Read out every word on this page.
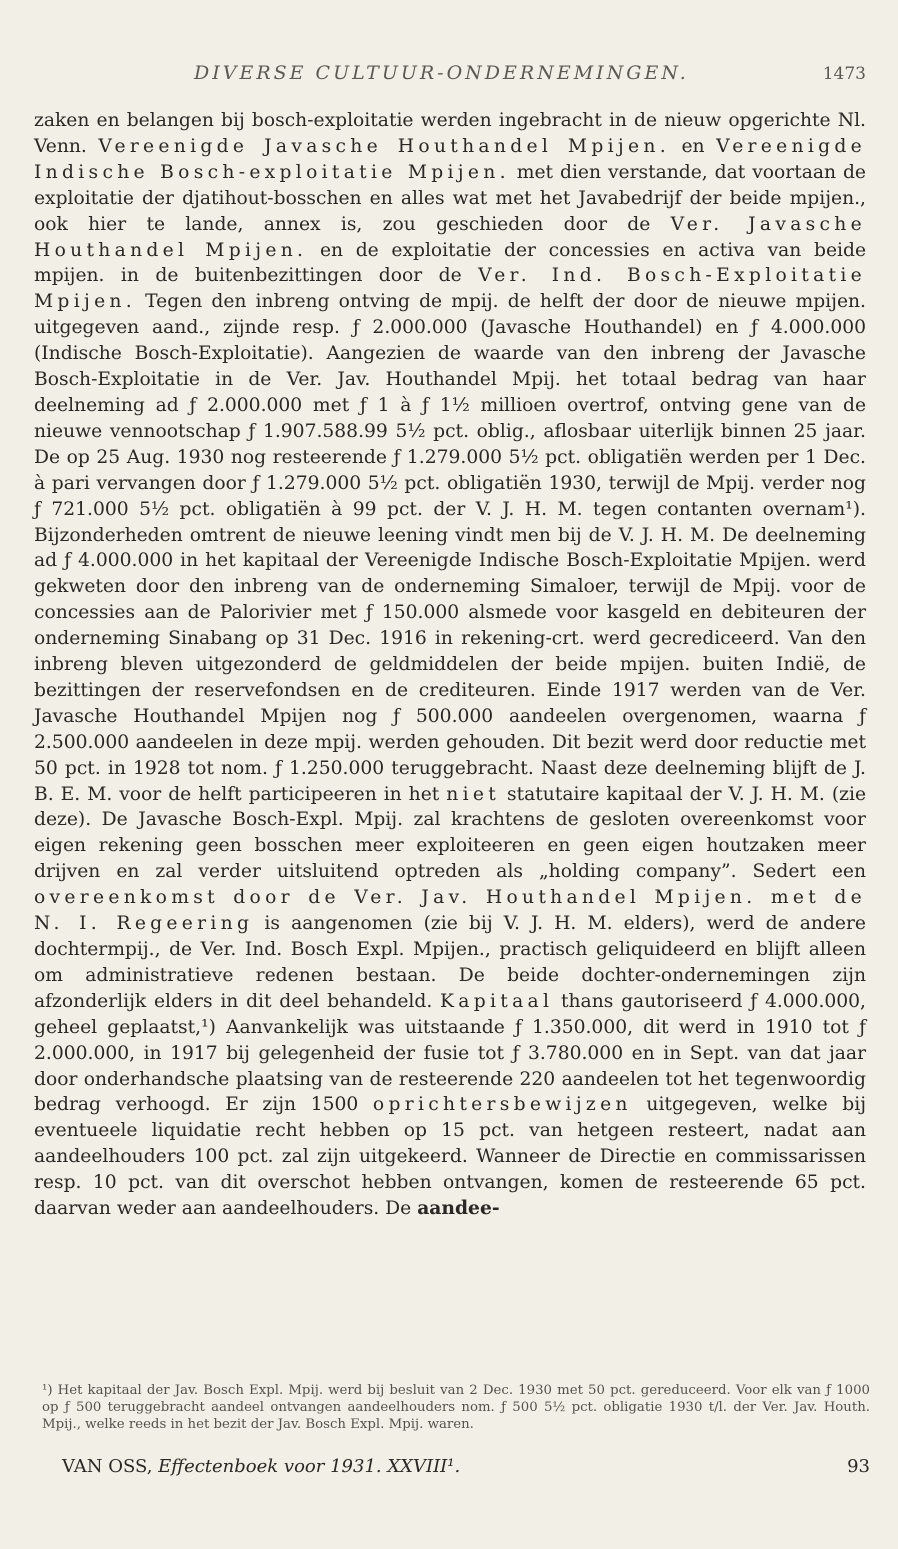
DIVERSE CULTUUR-ONDERNEMINGEN.	1473

zaken en belangen bij bosch-exploitatie werden ingebracht in de nieuw opgerichte Nl. Venn. Vereenigde Javasche Houthandel Mpijen. en Vereenigde Indische Bosch-exploitatie Mpijen. met dien verstande, dat voortaan de exploitatie der djatihout-bosschen en alles wat met het Javabedrijf der beide mpijen., ook hier te lande, annex is, zou geschieden door de Ver. Javasche Houthandel Mpijen. en de exploitatie der concessies en activa van beide mpijen. in de buitenbezittingen door de Ver. Ind. Bosch-Exploitatie Mpijen. Tegen den inbreng ontving de mpij. de helft der door de nieuwe mpijen. uitgegeven aand., zijnde resp. ƒ 2.000.000 (Javasche Houthandel) en ƒ 4.000.000 (Indische Bosch-Exploitatie). Aangezien de waarde van den inbreng der Javasche Bosch-Exploitatie in de Ver. Jav. Houthandel Mpij. het totaal bedrag van haar deelneming ad ƒ 2.000.000 met ƒ 1 à ƒ 1½ millioen overtrof, ontving gene van de nieuwe vennootschap ƒ 1.907.588.99 5½ pct. oblig., aflosbaar uiterlijk binnen 25 jaar. De op 25 Aug. 1930 nog resteerende ƒ 1.279.000 5½ pct. obligatiën werden per 1 Dec. à pari vervangen door ƒ 1.279.000 5½ pct. obligatiën 1930, terwijl de Mpij. verder nog ƒ 721.000 5½ pct. obligatiën à 99 pct. der V. J. H. M. tegen contanten overnam¹). Bijzonderheden omtrent de nieuwe leening vindt men bij de V. J. H. M. De deelneming ad ƒ 4.000.000 in het kapitaal der Vereenigde Indische Bosch-Exploitatie Mpijen. werd gekweten door den inbreng van de onderneming Simaloer, terwijl de Mpij. voor de concessies aan de Palorivier met ƒ 150.000 alsmede voor kasgeld en debiteuren der onderneming Sinabang op 31 Dec. 1916 in rekening-crt. werd gecrediceerd. Van den inbreng bleven uitgezonderd de geldmiddelen der beide mpijen. buiten Indië, de bezittingen der reservefondsen en de crediteuren. Einde 1917 werden van de Ver. Javasche Houthandel Mpijen nog ƒ 500.000 aandeelen overgenomen, waarna ƒ 2.500.000 aandeelen in deze mpij. werden gehouden. Dit bezit werd door reductie met 50 pct. in 1928 tot nom. ƒ 1.250.000 teruggebracht. Naast deze deelneming blijft de J. B. E. M. voor de helft participeeren in het niet statutaire kapitaal der V. J. H. M. (zie deze). De Javasche Bosch-Expl. Mpij. zal krachtens de gesloten overeenkomst voor eigen rekening geen bosschen meer exploiteeren en geen eigen houtzaken meer drijven en zal verder uitsluitend optreden als „holding company”. Sedert een overeenkomst door de Ver. Jav. Houthandel Mpijen. met de N. I. Regeering is aangenomen (zie bij V. J. H. M. elders), werd de andere dochtermpij., de Ver. Ind. Bosch Expl. Mpijen., practisch geliquideerd en blijft alleen om administratieve redenen bestaan. De beide dochter-ondernemingen zijn afzonderlijk elders in dit deel behandeld. Kapitaal thans gautoriseerd ƒ 4.000.000, geheel geplaatst,¹) Aanvankelijk was uitstaande ƒ 1.350.000, dit werd in 1910 tot ƒ 2.000.000, in 1917 bij gelegenheid der fusie tot ƒ 3.780.000 en in Sept. van dat jaar door onderhandsche plaatsing van de resteerende 220 aandeelen tot het tegenwoordig bedrag verhoogd. Er zijn 1500 oprichtersbewijzen uitgegeven, welke bij eventueele liquidatie recht hebben op 15 pct. van hetgeen resteert, nadat aan aandeelhouders 100 pct. zal zijn uitgekeerd. Wanneer de Directie en commissarissen resp. 10 pct. van dit overschot hebben ontvangen, komen de resteerende 65 pct. daarvan weder aan aandeelhouders. De aandee-

¹) Het kapitaal der Jav. Bosch Expl. Mpij. werd bij besluit van 2 Dec. 1930 met 50 pct. gereduceerd. Voor elk van ƒ 1000 op ƒ 500 teruggebracht aandeel ontvangen aandeelhouders nom. ƒ 500 5½ pct. obligatie 1930 t/l. der Ver. Jav. Houth. Mpij., welke reeds in het bezit der Jav. Bosch Expl. Mpij. waren.

VAN OSS, Effectenboek voor 1931. XXVIII¹.	93
